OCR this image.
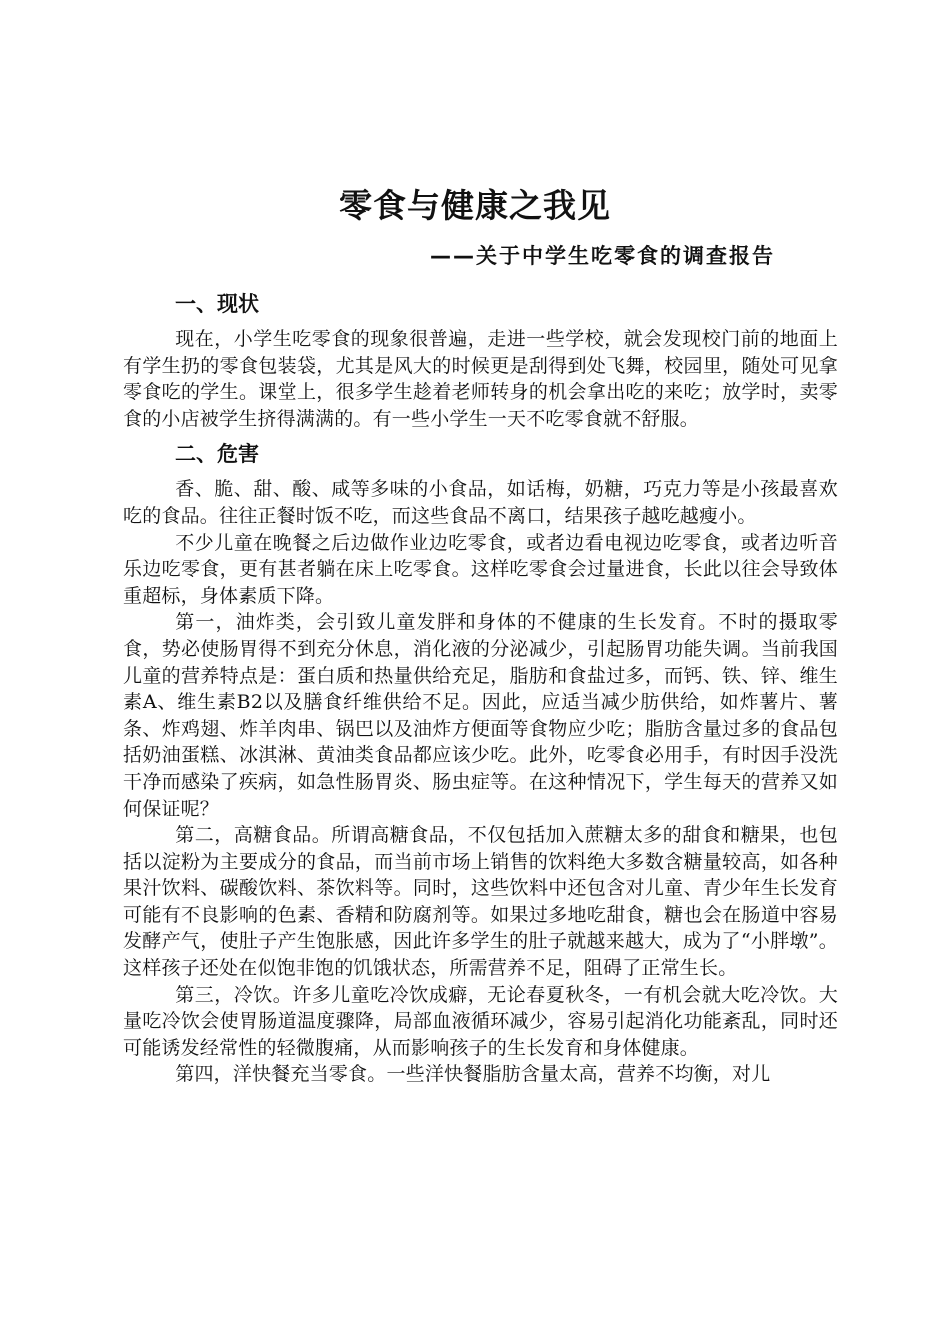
零食与健康之我见
——关于中学生吃零食的调查报告
一、现状

现在，小学生吃零食的现象很普遍，走进一些学校，就会发现校门前的地面上有学生扔的零食包装袋，尤其是风大的时候更是刮得到处飞舞，校园里，随处可见拿零食吃的学生。课堂上，很多学生趁着老师转身的机会拿出吃的来吃；放学时，卖零食的小店被学生挤得满满的。有一些小学生一天不吃零食就不舒服。

二、危害

香、脆、甜、酸、咸等多味的小食品，如话梅，奶糖，巧克力等是小孩最喜欢吃的食品。往往正餐时饭不吃，而这些食品不离口，结果孩子越吃越瘦小。

不少儿童在晚餐之后边做作业边吃零食，或者边看电视边吃零食，或者边听音乐边吃零食，更有甚者躺在床上吃零食。这样吃零食会过量进食，长此以往会导致体重超标，身体素质下降。

第一，油炸类，会引致儿童发胖和身体的不健康的生长发育。不时的摄取零食，势必使肠胃得不到充分休息，消化液的分泌减少，引起肠胃功能失调。当前我国儿童的营养特点是：蛋白质和热量供给充足，脂肪和食盐过多，而钙、铁、锌、维生素A、维生素B2以及膳食纤维供给不足。因此，应适当减少肪供给，如炸薯片、薯条、炸鸡翅、炸羊肉串、锅巴以及油炸方便面等食物应少吃；脂肪含量过多的食品包括奶油蛋糕、冰淇淋、黄油类食品都应该少吃。此外，吃零食必用手，有时因手没洗干净而感染了疾病，如急性肠胃炎、肠虫症等。在这种情况下，学生每天的营养又如何保证呢？

第二，高糖食品。所谓高糖食品，不仅包括加入蔗糖太多的甜食和糖果，也包括以淀粉为主要成分的食品，而当前市场上销售的饮料绝大多数含糖量较高，如各种果汁饮料、碳酸饮料、茶饮料等。同时，这些饮料中还包含对儿童、青少年生长发育可能有不良影响的色素、香精和防腐剂等。如果过多地吃甜食，糖也会在肠道中容易发酵产气，使肚子产生饱胀感，因此许多学生的肚子就越来越大，成为了“小胖墩”。这样孩子还处在似饱非饱的饥饿状态，所需营养不足，阻碍了正常生长。

第三，冷饮。许多儿童吃冷饮成癖，无论春夏秋冬，一有机会就大吃冷饮。大量吃冷饮会使胃肠道温度骤降，局部血液循环减少，容易引起消化功能紊乱，同时还可能诱发经常性的轻微腹痛，从而影响孩子的生长发育和身体健康。

第四，洋快餐充当零食。一些洋快餐脂肪含量太高，营养不均衡，对儿
